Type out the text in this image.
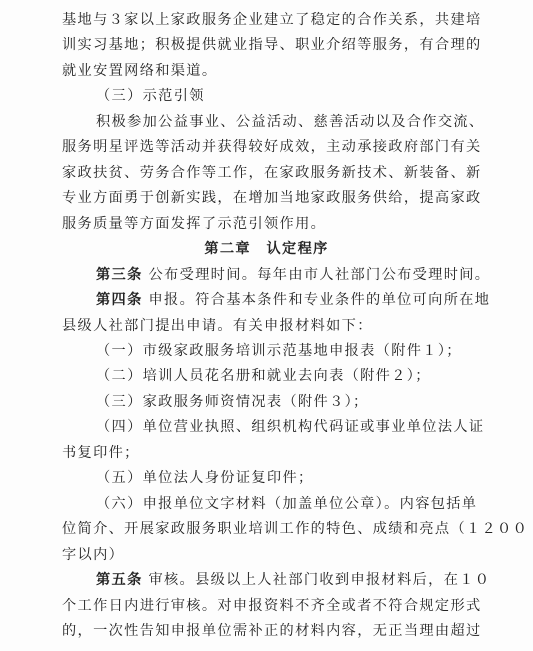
基地与３家以上家政服务企业建立了稳定的合作关系，共建培
训实习基地；积极提供就业指导、职业介绍等服务，有合理的
就业安置网络和渠道。
（三）示范引领
积极参加公益事业、公益活动、慈善活动以及合作交流、
服务明星评选等活动并获得较好成效，主动承接政府部门有关
家政扶贫、劳务合作等工作，在家政服务新技术、新装备、新
专业方面勇于创新实践，在增加当地家政服务供给，提高家政
服务质量等方面发挥了示范引领作用。
第二章　认定程序
第三条 公布受理时间。每年由市人社部门公布受理时间。
第四条 申报。符合基本条件和专业条件的单位可向所在地
县级人社部门提出申请。有关申报材料如下：
（一）市级家政服务培训示范基地申报表（附件１）；
（二）培训人员花名册和就业去向表（附件２）；
（三）家政服务师资情况表（附件３）；
（四）单位营业执照、组织机构代码证或事业单位法人证
书复印件；
（五）单位法人身份证复印件；
（六）申报单位文字材料（加盖单位公章）。内容包括单
位简介、开展家政服务职业培训工作的特色、成绩和亮点（１２００
字以内）
第五条 审核。县级以上人社部门收到申报材料后，在１０
个工作日内进行审核。对申报资料不齐全或者不符合规定形式
的，一次性告知申报单位需补正的材料内容，无正当理由超过
